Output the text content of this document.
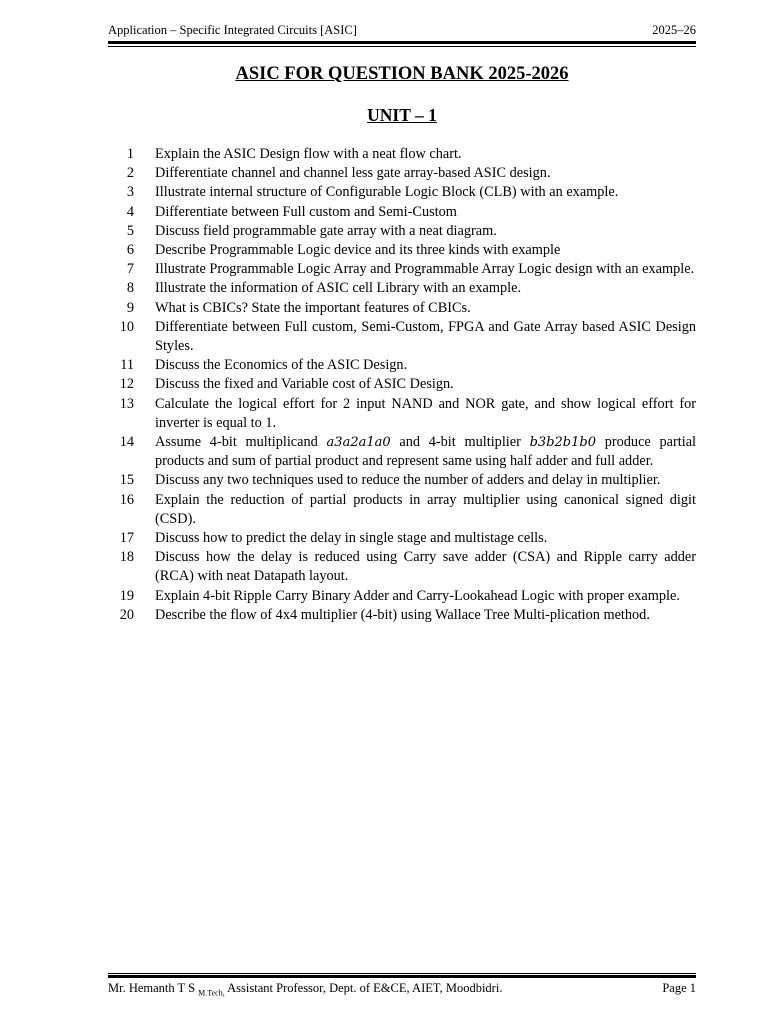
Application – Specific Integrated Circuits [ASIC]	2025–26
ASIC FOR QUESTION BANK 2025-2026
UNIT – 1
1 Explain the ASIC Design flow with a neat flow chart.
2 Differentiate channel and channel less gate array-based ASIC design.
3 Illustrate internal structure of Configurable Logic Block (CLB) with an example.
4 Differentiate between Full custom and Semi-Custom
5 Discuss field programmable gate array with a neat diagram.
6 Describe Programmable Logic device and its three kinds with example
7 Illustrate Programmable Logic Array and Programmable Array Logic design with an example.
8 Illustrate the information of ASIC cell Library with an example.
9 What is CBICs? State the important features of CBICs.
10 Differentiate between Full custom, Semi-Custom, FPGA and Gate Array based ASIC Design Styles.
11 Discuss the Economics of the ASIC Design.
12 Discuss the fixed and Variable cost of ASIC Design.
13 Calculate the logical effort for 2 input NAND and NOR gate, and show logical effort for inverter is equal to 1.
14 Assume 4-bit multiplicand a3a2a1a0 and 4-bit multiplier b3b2b1b0 produce partial products and sum of partial product and represent same using half adder and full adder.
15 Discuss any two techniques used to reduce the number of adders and delay in multiplier.
16 Explain the reduction of partial products in array multiplier using canonical signed digit (CSD).
17 Discuss how to predict the delay in single stage and multistage cells.
18 Discuss how the delay is reduced using Carry save adder (CSA) and Ripple carry adder (RCA) with neat Datapath layout.
19 Explain 4-bit Ripple Carry Binary Adder and Carry-Lookahead Logic with proper example.
20 Describe the flow of 4x4 multiplier (4-bit) using Wallace Tree Multi-plication method.
Mr. Hemanth T S $_{M.Tech,}$ Assistant Professor, Dept. of E&CE, AIET, Moodbidri.	Page 1
